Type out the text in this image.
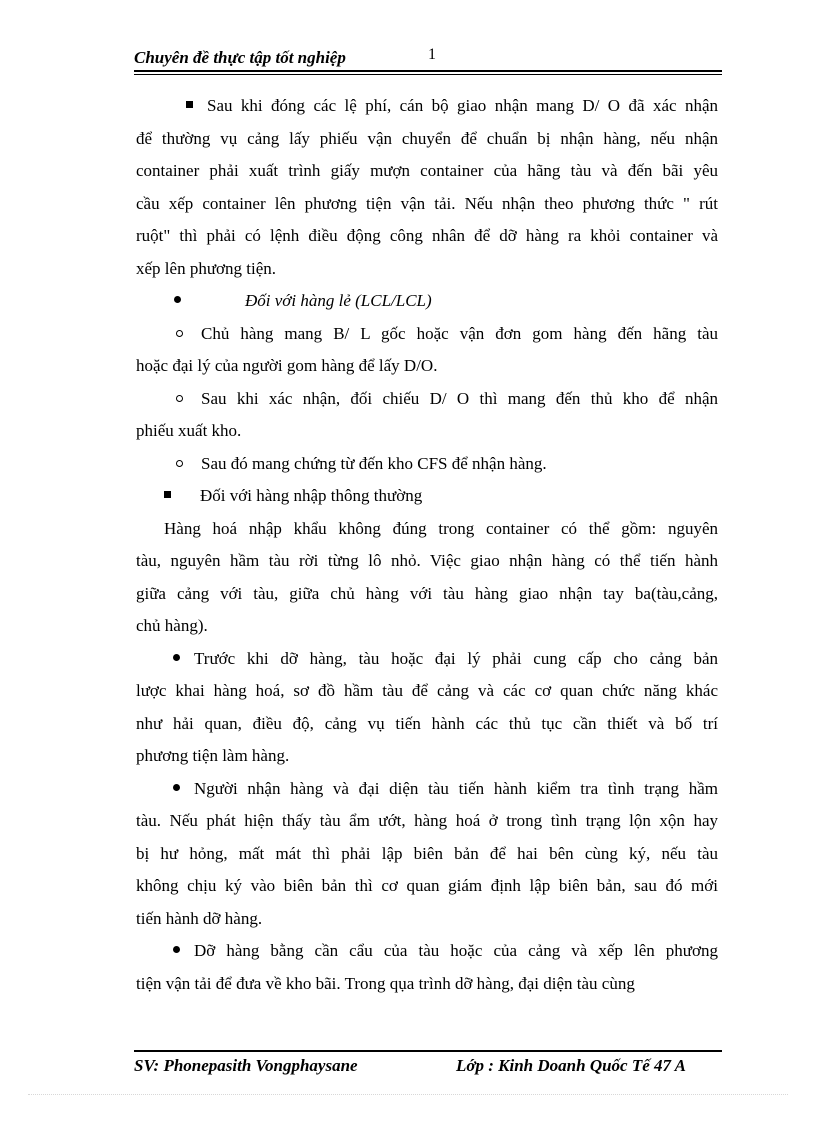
Chuyên đề thực tập tốt nghiệp	1
Sau khi đóng các lệ phí, cán bộ giao nhận mang D/ O đã xác nhận
để thường vụ cảng lấy phiếu vận chuyển để chuẩn bị nhận hàng, nếu nhận
container phải xuất trình giấy mượn container của hãng tàu và đến bãi yêu
cầu xếp container lên phương tiện vận tải. Nếu nhận theo phương thức " rút
ruột" thì phải có lệnh điều động công nhân để dỡ hàng ra khỏi container và
xếp lên phương tiện.
Đối với hàng lẻ (LCL/LCL)
Chủ hàng mang B/ L gốc hoặc vận đơn gom hàng đến hãng tàu
hoặc đại lý của người gom hàng để lấy D/O.
Sau khi xác nhận, đối chiếu D/ O thì mang đến thủ kho để nhận
phiếu xuất kho.
Sau đó mang chứng từ đến kho CFS để nhận hàng.
Đối với hàng nhập thông thường
Hàng hoá nhập khẩu không đúng trong container có thể gồm: nguyên
tàu, nguyên hầm tàu rời từng lô nhỏ. Việc giao nhận hàng có thể tiến hành
giữa cảng với tàu, giữa chủ hàng với tàu hàng giao nhận tay ba(tàu,cảng,
chủ hàng).
Trước khi dỡ hàng, tàu hoặc đại lý phải cung cấp cho cảng bản
lược khai hàng hoá, sơ đồ hầm tàu để cảng và các cơ quan chức năng khác
như hải quan, điều độ, cảng vụ tiến hành các thủ tục cần thiết và bố trí
phương tiện làm hàng.
Người nhận hàng và đại diện tàu tiến hành kiểm tra tình trạng hầm
tàu. Nếu phát hiện thấy tàu ẩm ướt, hàng hoá ở trong tình trạng lộn xộn hay
bị hư hỏng, mất mát thì phải lập biên bản để hai bên cùng ký, nếu tàu
không chịu ký vào biên bản thì cơ quan giám định lập biên bản, sau đó mới
tiến hành dỡ hàng.
Dỡ hàng bằng cần cẩu của tàu hoặc của cảng và xếp lên phương
tiện vận tải để đưa về kho bãi. Trong qụa trình dỡ hàng, đại diện tàu cùng
SV: Phonepasith Vongphaysane	Lớp : Kinh Doanh Quốc Tế 47 A
